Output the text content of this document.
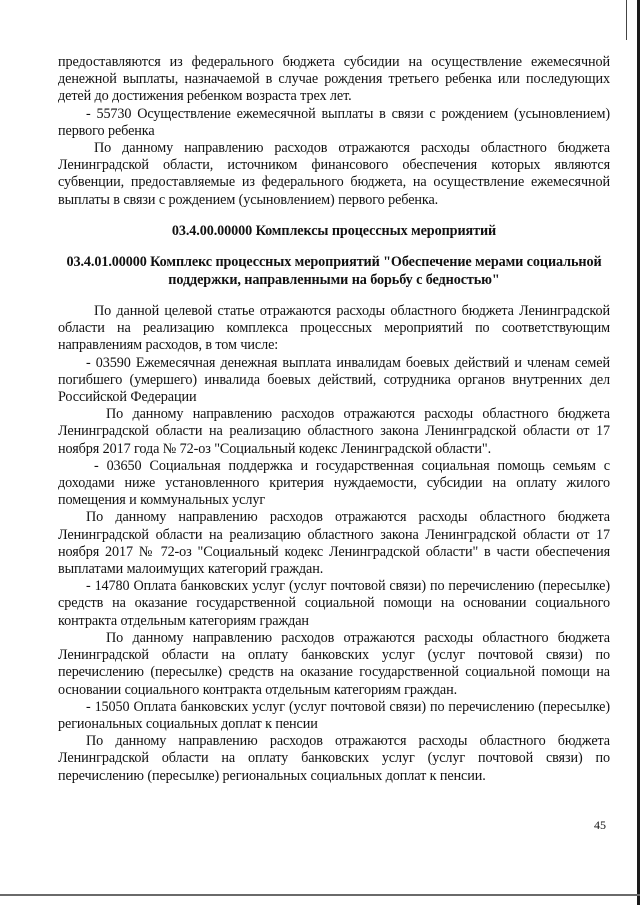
предоставляются из федерального бюджета субсидии на осуществление ежемесячной денежной выплаты, назначаемой в случае рождения третьего ребенка или последующих детей до достижения ребенком возраста трех лет.

- 55730 Осуществление ежемесячной выплаты в связи с рождением (усыновлением) первого ребенка

По данному направлению расходов отражаются расходы областного бюджета Ленинградской области, источником финансового обеспечения которых являются субвенции, предоставляемые из федерального бюджета, на осуществление ежемесячной выплаты в связи с рождением (усыновлением) первого ребенка.

03.4.00.00000 Комплексы процессных мероприятий

03.4.01.00000 Комплекс процессных мероприятий "Обеспечение мерами социальной поддержки, направленными на борьбу с бедностью"

По данной целевой статье отражаются расходы областного бюджета Ленинградской области на реализацию комплекса процессных мероприятий по соответствующим направлениям расходов, в том числе:

- 03590 Ежемесячная денежная выплата инвалидам боевых действий и членам семей погибшего (умершего) инвалида боевых действий, сотрудника органов внутренних дел Российской Федерации

По данному направлению расходов отражаются расходы областного бюджета Ленинградской области на реализацию областного закона Ленинградской области от 17 ноября 2017 года № 72-оз "Социальный кодекс Ленинградской области".

- 03650 Социальная поддержка и государственная социальная помощь семьям с доходами ниже установленного критерия нуждаемости, субсидии на оплату жилого помещения и коммунальных услуг

По данному направлению расходов отражаются расходы областного бюджета Ленинградской области на реализацию областного закона Ленинградской области от 17 ноября 2017 № 72-оз "Социальный кодекс Ленинградской области" в части обеспечения выплатами малоимущих категорий граждан.

- 14780 Оплата банковских услуг (услуг почтовой связи) по перечислению (пересылке) средств на оказание государственной социальной помощи на основании социального контракта отдельным категориям граждан

По данному направлению расходов отражаются расходы областного бюджета Ленинградской области на оплату банковских услуг (услуг почтовой связи) по перечислению (пересылке) средств на оказание государственной социальной помощи на основании социального контракта отдельным категориям граждан.

- 15050 Оплата банковских услуг (услуг почтовой связи) по перечислению (пересылке) региональных социальных доплат к пенсии

По данному направлению расходов отражаются расходы областного бюджета Ленинградской области на оплату банковских услуг (услуг почтовой связи) по перечислению (пересылке) региональных социальных доплат к пенсии.

45
